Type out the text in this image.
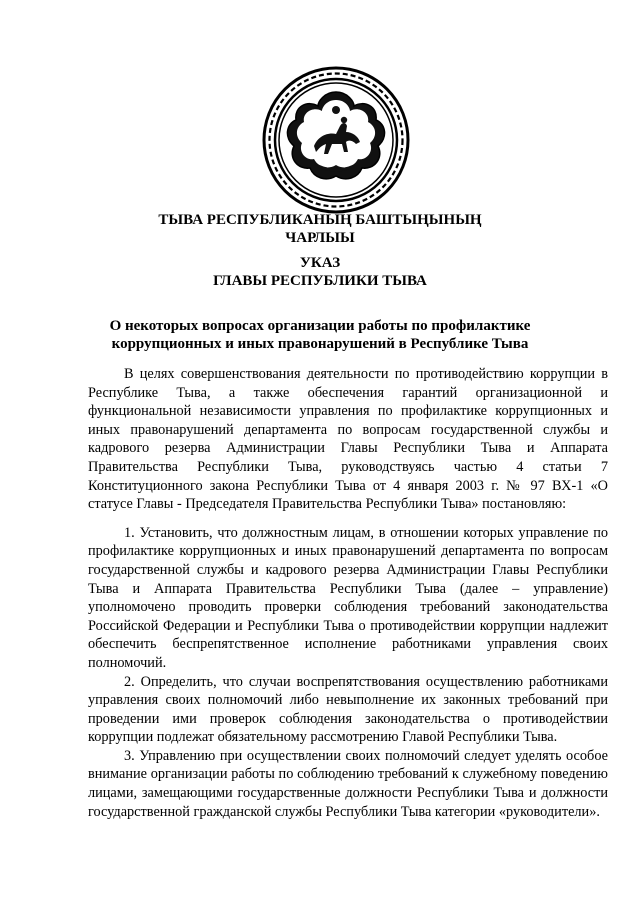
ТЫВА РЕСПУБЛИКАНЫҢ БАШТЫҢЫНЫҢ
ЧАРЛЫЫ
УКАЗ
ГЛАВЫ РЕСПУБЛИКИ ТЫВА
О некоторых вопросах организации работы по профилактике
коррупционных и иных правонарушений в Республике Тыва

В целях совершенствования деятельности по противодействию коррупции в Республике Тыва, а также обеспечения гарантий организационной и функциональной независимости управления по профилактике коррупционных и иных правонарушений департамента по вопросам государственной службы и кадрового резерва Администрации Главы Республики Тыва и Аппарата Правительства Республики Тыва, руководствуясь частью 4 статьи 7 Конституционного закона Республики Тыва от 4 января 2003 г. № 97 ВХ-1 «О статусе Главы - Председателя Правительства Республики Тыва» постановляю:

1. Установить, что должностным лицам, в отношении которых управление по профилактике коррупционных и иных правонарушений департамента по вопросам государственной службы и кадрового резерва Администрации Главы Республики Тыва и Аппарата Правительства Республики Тыва (далее – управление) уполномочено проводить проверки соблюдения требований законодательства Российской Федерации и Республики Тыва о противодействии коррупции надлежит обеспечить беспрепятственное исполнение работниками управления своих полномочий.

2. Определить, что случаи воспрепятствования осуществлению работниками управления своих полномочий либо невыполнение их законных требований при проведении ими проверок соблюдения законодательства о противодействии коррупции подлежат обязательному рассмотрению Главой Республики Тыва.

3. Управлению при осуществлении своих полномочий следует уделять особое внимание организации работы по соблюдению требований к служебному поведению лицами, замещающими государственные должности Республики Тыва и должности государственной гражданской службы Республики Тыва категории «руководители».
